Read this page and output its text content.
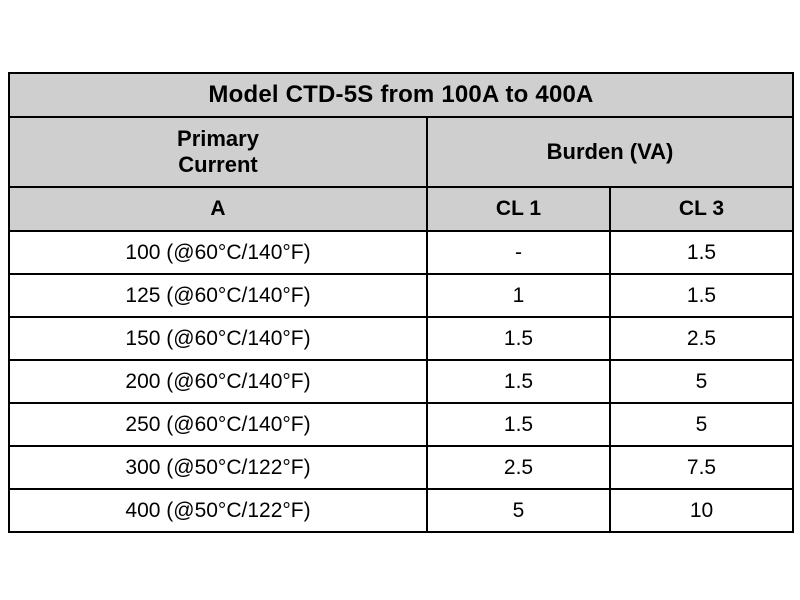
Model CTD-5S from 100A to 400A		

Primary
Current	Burden (VA)	
A	CL 1	CL 3
100 (@60°C/140°F)	-	1.5
125 (@60°C/140°F)	1	1.5
150 (@60°C/140°F)	1.5	2.5
200 (@60°C/140°F)	1.5	5
250 (@60°C/140°F)	1.5	5
300 (@50°C/122°F)	2.5	7.5
400 (@50°C/122°F)	5	10
